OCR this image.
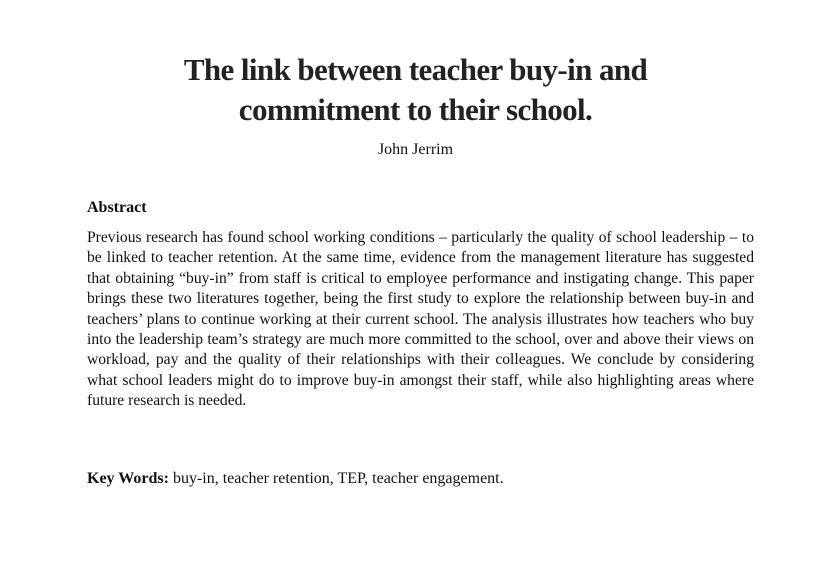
The link between teacher buy-in and
commitment to their school.
John Jerrim
Abstract

Previous research has found school working conditions – particularly the quality of school leadership – to be linked to teacher retention. At the same time, evidence from the management literature has suggested that obtaining “buy-in” from staff is critical to employee performance and instigating change. This paper brings these two literatures together, being the first study to explore the relationship between buy-in and teachers’ plans to continue working at their current school. The analysis illustrates how teachers who buy into the leadership team’s strategy are much more committed to the school, over and above their views on workload, pay and the quality of their relationships with their colleagues. We conclude by considering what school leaders might do to improve buy-in amongst their staff, while also highlighting areas where future research is needed.

Key Words: buy-in, teacher retention, TEP, teacher engagement.
